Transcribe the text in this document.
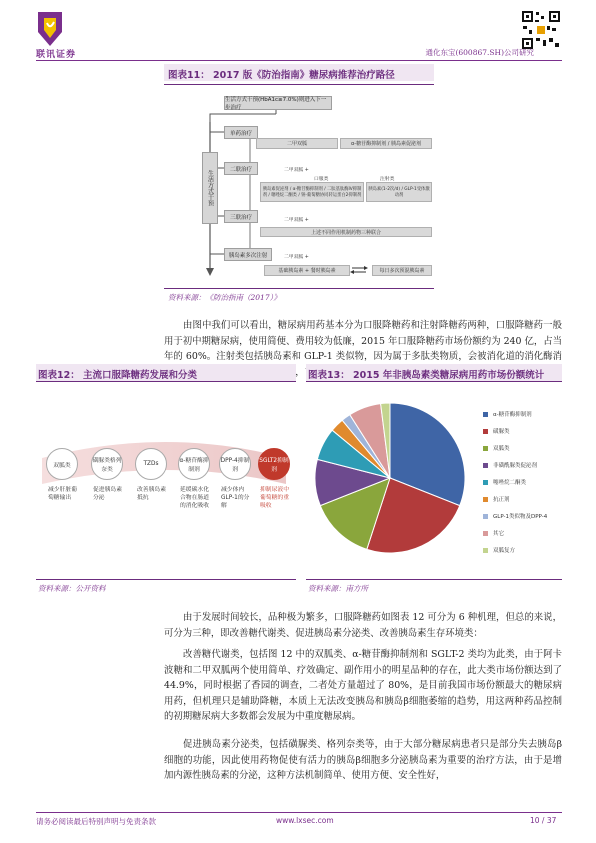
联讯证券	通化东宝(600867.SH)公司研究
图表11： 2017 版《防治指南》糖尿病推荐治疗路径
生活方式干预(HbA1c≥7.0%)则进入下一步治疗
生活方式干预
单药治疗
二甲双胍	α-糖苷酶抑制剂 / 胰岛素促泌剂
二联治疗	二甲双胍 +
口服类	注射类
胰岛素促泌剂 / α-糖苷酶抑制剂 / 二肽基肽酶IV抑制剂 / 噻唑烷二酮类 / 钠-葡萄糖协同转运蛋白2抑制剂
胰岛素(1-2次/d) / GLP-1受体激动剂
三联治疗	二甲双胍 +
上述不同作用机制药物三种联合
胰岛素多次注射	二甲双胍 +
基础胰岛素 + 餐时胰岛素	每日多次预混胰岛素
资料来源：《防治指南（2017）》

由图中我们可以看出，糖尿病用药基本分为口服降糖药和注射降糖药两种，口服降糖药一般用于初中期糖尿病，使用简便、费用较为低廉，2015 年口服降糖药市场份额约为 240 亿，占当年的 60%。注射类包括胰岛素和 GLP-1 类似物，因为属于多肽类物质，会被消化道的消化酶消 方式，市场主

图表12： 主流口服降糖药发展和分类
双胍类
磺脲类格列奈类
TZDs	α-糖苷酶抑制剂
DPP-4抑制剂
SGLT2抑制剂
减少肝脏葡萄糖输出
促进胰岛素分泌
改善胰岛素抵抗
延缓碳水化合物在肠道的消化吸收
减少体内GLP-1的分解
抑制尿液中葡萄糖的重吸收
资料来源：公开资料
图表13： 2015 年非胰岛素类糖尿病用药市场份额统计
α-糖苷酶抑制剂
磺脲类
双胍类
非磺酰脲类促泌剂
噻唑烷二酮类
抗正剂
GLP-1类似物及DPP-4
其它
双胍复方
资料来源：南方所

由于发展时间较长，品种极为繁多，口服降糖药如图表 12 可分为 6 种机理，但总的来说，可分为三种，即改善糖代谢类、促进胰岛素分泌类、改善胰岛素生存环境类：

改善糖代谢类，包括图 12 中的双胍类、α-糖苷酶抑制剂和 SGLT-2 类均为此类，由于阿卡波糖和二甲双胍两个使用简单、疗效确定、副作用小的明星品种的存在，此大类市场份额达到了 44.9%，同时根据了香园的调查，二者处方量超过了 80%，是目前我国市场份额最大的糖尿病用药，但机理只是辅助降糖，本质上无法改变胰岛和胰岛β细胞萎缩的趋势，用这两种药品控制的初期糖尿病大多数都会发展为中重度糖尿病。

促进胰岛素分泌类，包括磺脲类、格列奈类等，由于大部分糖尿病患者只是部分失去胰岛β细胞的功能，因此使用药物促使有活力的胰岛β细胞多分泌胰岛素为重要的治疗方法，由于是增加内源性胰岛素的分泌，这种方法机制简单、使用方便、安全性好，

请务必阅读最后特别声明与免责条款	www.lxsec.com	10 / 37
